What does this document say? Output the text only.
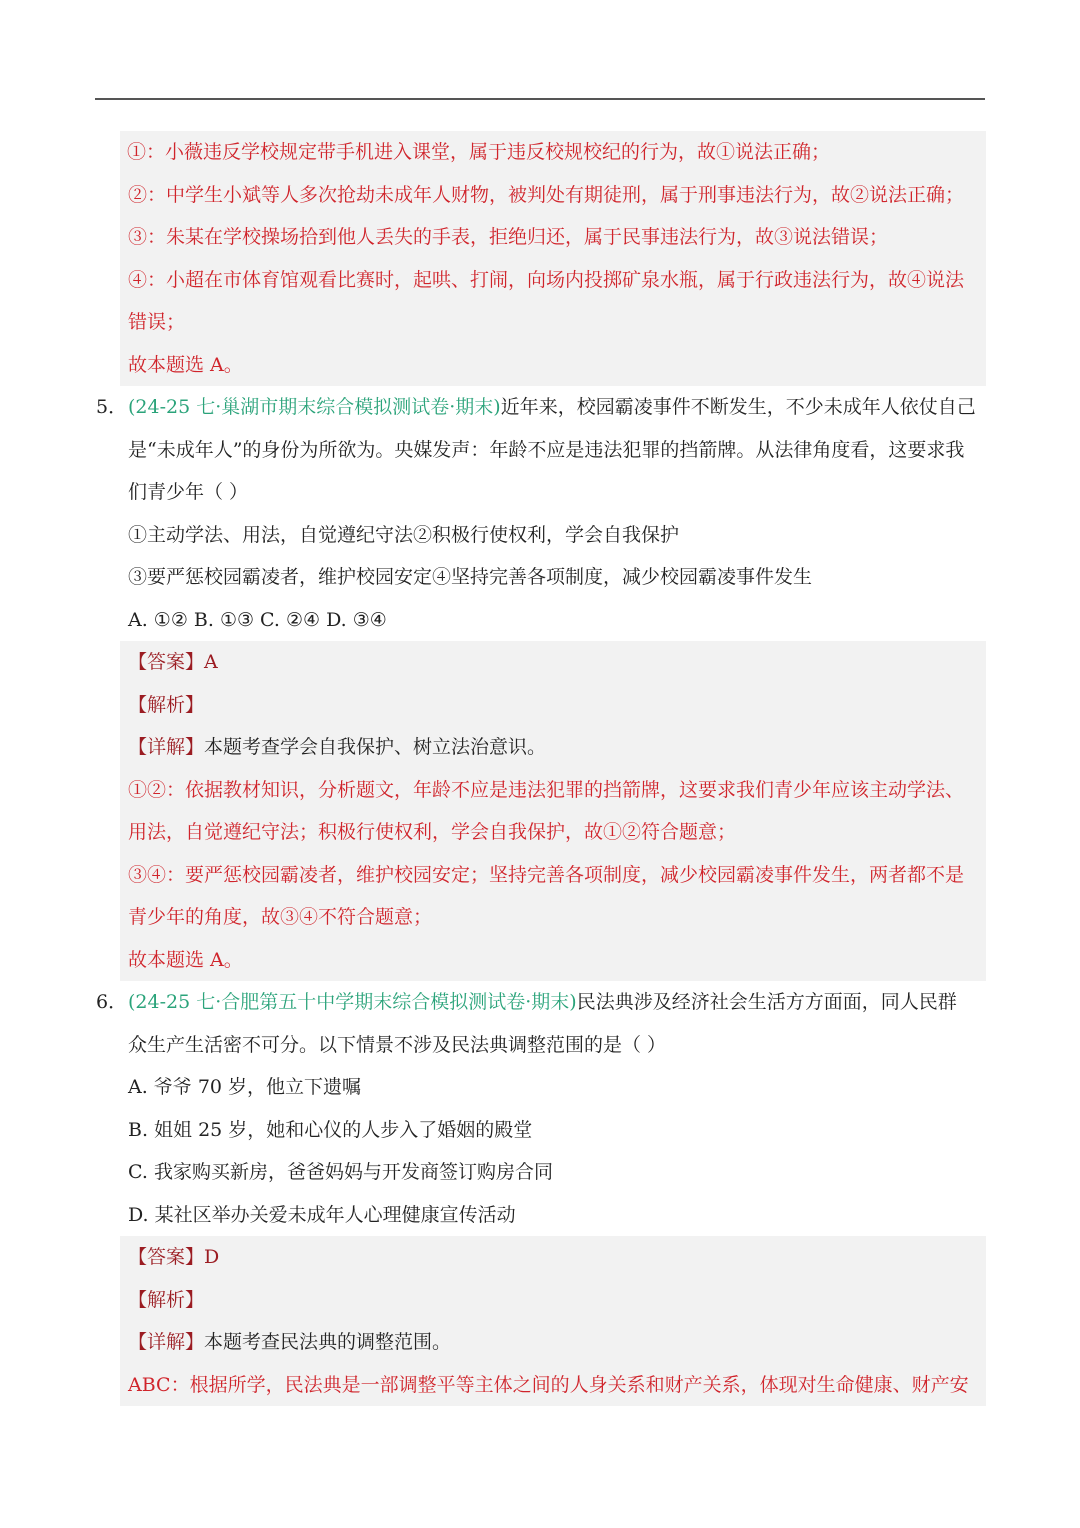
①：小薇违反学校规定带手机进入课堂，属于违反校规校纪的行为，故①说法正确；
②：中学生小斌等人多次抢劫未成年人财物，被判处有期徒刑，属于刑事违法行为，故②说法正确；
③：朱某在学校操场拾到他人丢失的手表，拒绝归还，属于民事违法行为，故③说法错误；
④：小超在市体育馆观看比赛时，起哄、打闹，向场内投掷矿泉水瓶，属于行政违法行为，故④说法
错误；
故本题选 A。
5． (24-25 七·巢湖市期末综合模拟测试卷·期末)近年来，校园霸凌事件不断发生，不少未成年人依仗自己
是“未成年人”的身份为所欲为。央媒发声：年龄不应是违法犯罪的挡箭牌。从法律角度看，这要求我
们青少年（ ）
①主动学法、用法，自觉遵纪守法②积极行使权利，学会自我保护
③要严惩校园霸凌者，维护校园安定④坚持完善各项制度，减少校园霸凌事件发生
A. ①② B. ①③ C. ②④ D. ③④
【答案】A
【解析】
【详解】本题考查学会自我保护、树立法治意识。
①②：依据教材知识，分析题文，年龄不应是违法犯罪的挡箭牌，这要求我们青少年应该主动学法、
用法，自觉遵纪守法；积极行使权利，学会自我保护，故①②符合题意；
③④：要严惩校园霸凌者，维护校园安定；坚持完善各项制度，减少校园霸凌事件发生，两者都不是
青少年的角度，故③④不符合题意；
故本题选 A。
6． (24-25 七·合肥第五十中学期末综合模拟测试卷·期末)民法典涉及经济社会生活方方面面，同人民群
众生产生活密不可分。以下情景不涉及民法典调整范围的是（ ）
A. 爷爷 70 岁，他立下遗嘱
B. 姐姐 25 岁，她和心仪的人步入了婚姻的殿堂
C. 我家购买新房，爸爸妈妈与开发商签订购房合同
D. 某社区举办关爱未成年人心理健康宣传活动
【答案】D
【解析】
【详解】本题考查民法典的调整范围。
ABC：根据所学，民法典是一部调整平等主体之间的人身关系和财产关系，体现对生命健康、财产安
